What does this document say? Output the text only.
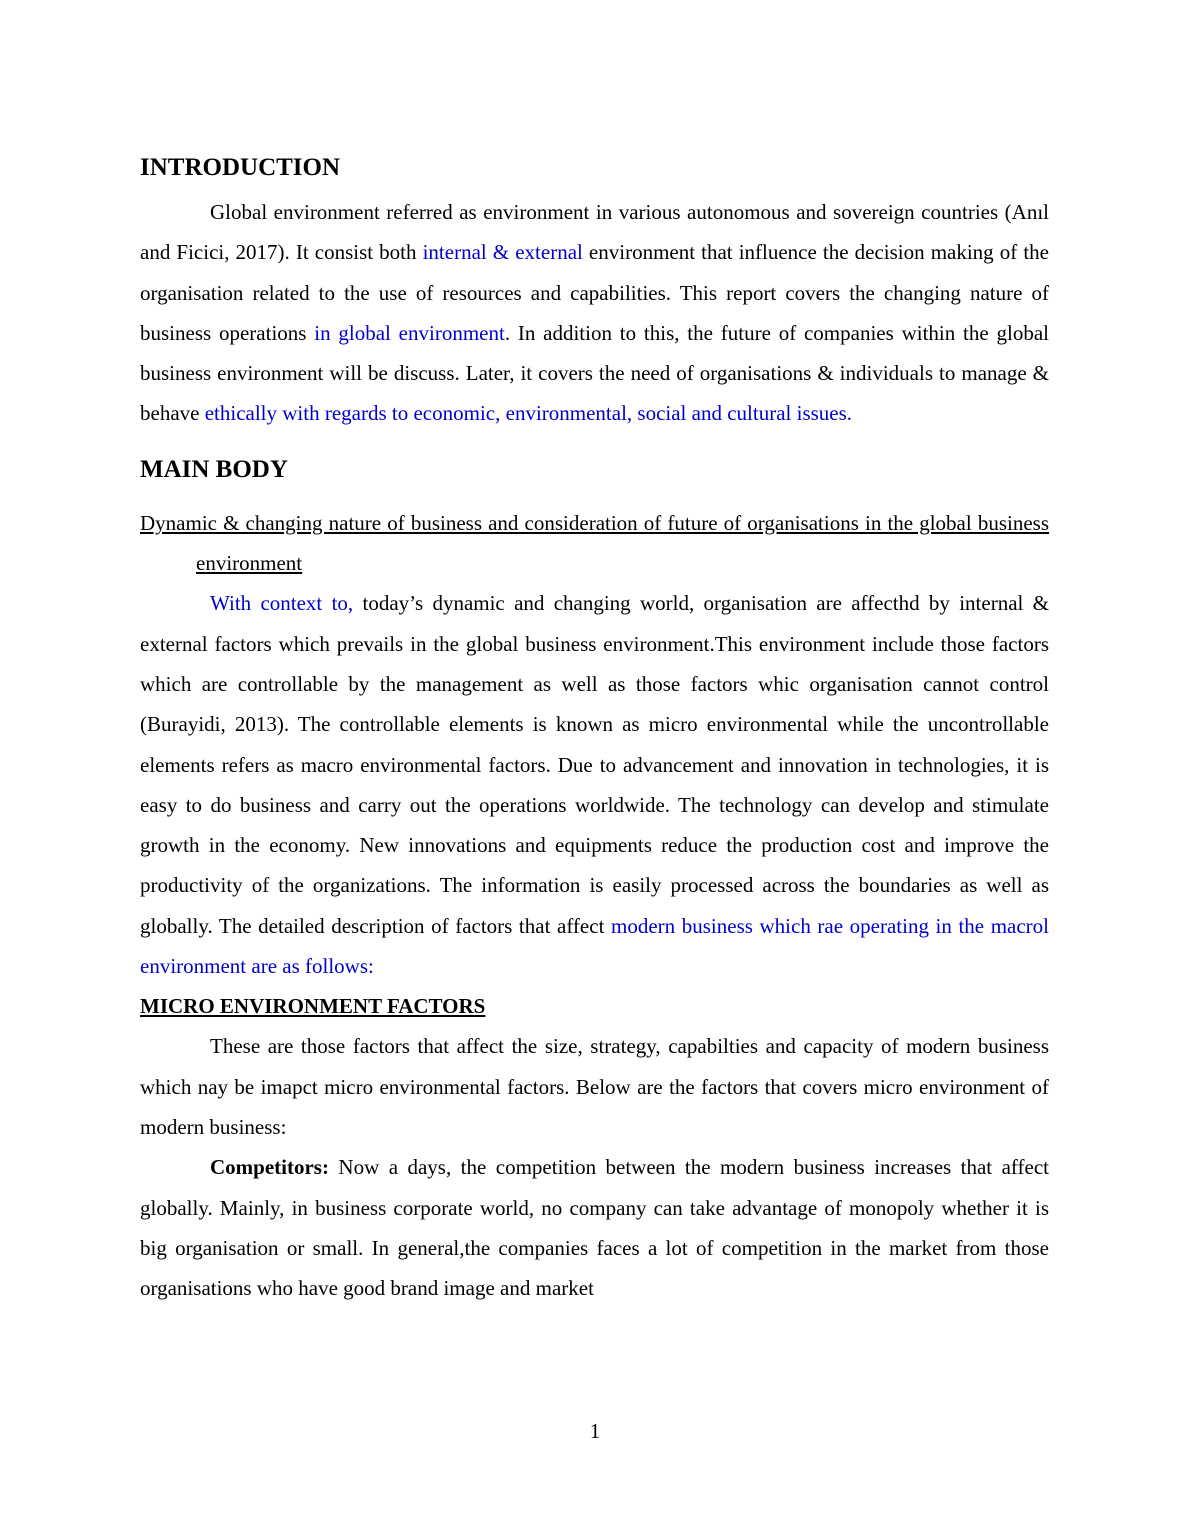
INTRODUCTION

Global environment referred as environment in various autonomous and sovereign countries (Anıl and Ficici, 2017). It consist both internal & external environment that influence the decision making of the organisation related to the use of resources and capabilities. This report covers the changing nature of business operations in global environment. In addition to this, the future of companies within the global business environment will be discuss. Later, it covers the need of organisations & individuals to manage & behave ethically with regards to economic, environmental, social and cultural issues.

MAIN BODY
Dynamic & changing nature of business and consideration of future of organisations in the global business environment

With context to, today’s dynamic and changing world, organisation are affecthd by internal & external factors which prevails in the global business environment.This environment include those factors which are controllable by the management as well as those factors whic organisation cannot control (Burayidi, 2013). The controllable elements is known as micro environmental while the uncontrollable elements refers as macro environmental factors. Due to advancement and innovation in technologies, it is easy to do business and carry out the operations worldwide. The technology can develop and stimulate growth in the economy. New innovations and equipments reduce the production cost and improve the productivity of the organizations. The information is easily processed across the boundaries as well as globally. The detailed description of factors that affect modern business which rae operating in the macrol environment are as follows:

MICRO ENVIRONMENT FACTORS

These are those factors that affect the size, strategy, capabilties and capacity of modern business which nay be imapct micro environmental factors. Below are the factors that covers micro environment of modern business:

Competitors: Now a days, the competition between the modern business increases that affect globally. Mainly, in business corporate world, no company can take advantage of monopoly whether it is big organisation or small. In general,the companies faces a lot of competition in the market from those organisations who have good brand image and market

1
